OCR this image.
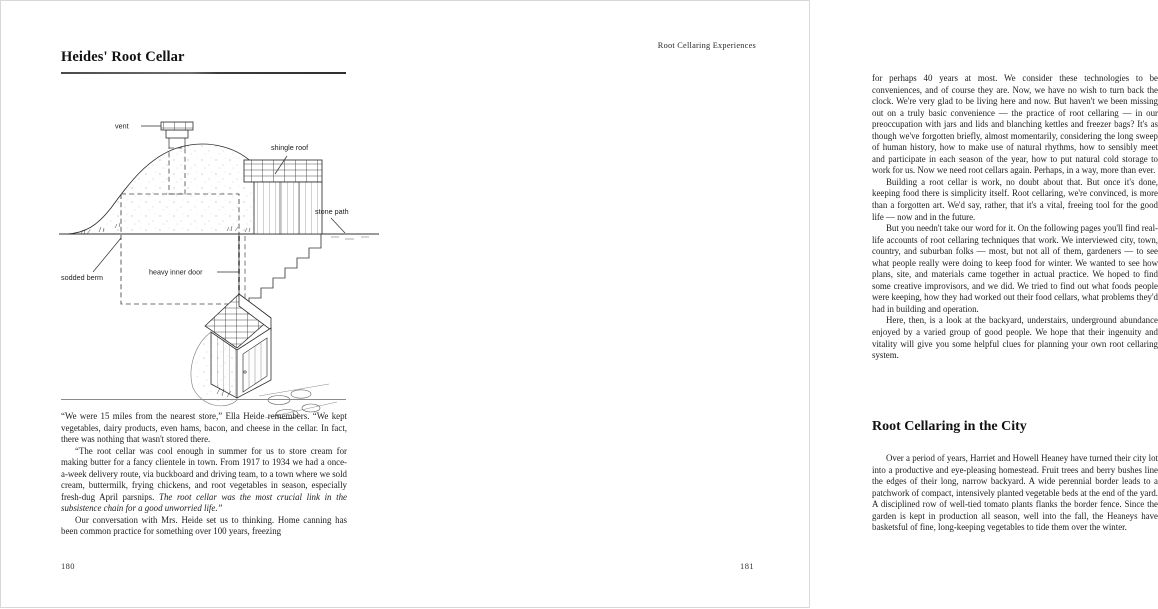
Heides' Root Cellar
vent
shingle roof
stone path
sodded berm
heavy inner door

“We were 15 miles from the nearest store,” Ella Heide remembers. “We kept vegetables, dairy products, even hams, bacon, and cheese in the cellar. In fact, there was nothing that wasn't stored there.

“The root cellar was cool enough in summer for us to store cream for making butter for a fancy clientele in town. From 1917 to 1934 we had a once-a-week delivery route, via buckboard and driving team, to a town where we sold cream, buttermilk, frying chickens, and root vegetables in season, especially fresh-dug April parsnips. The root cellar was the most crucial link in the subsistence chain for a good unworried life.”

Our conversation with Mrs. Heide set us to thinking. Home canning has been common practice for something over 100 years, freezing

180
Root Cellaring Experiences

for perhaps 40 years at most. We consider these technologies to be conveniences, and of course they are. Now, we have no wish to turn back the clock. We're very glad to be living here and now. But haven't we been missing out on a truly basic convenience — the practice of root cellaring — in our preoccupation with jars and lids and blanching kettles and freezer bags? It's as though we've forgotten briefly, almost momentarily, considering the long sweep of human history, how to make use of natural rhythms, how to sensibly meet and participate in each season of the year, how to put natural cold storage to work for us. Now we need root cellars again. Perhaps, in a way, more than ever.

Building a root cellar is work, no doubt about that. But once it's done, keeping food there is simplicity itself. Root cellaring, we're convinced, is more than a forgotten art. We'd say, rather, that it's a vital, freeing tool for the good life — now and in the future.

But you needn't take our word for it. On the following pages you'll find real-life accounts of root cellaring techniques that work. We interviewed city, town, country, and suburban folks — most, but not all of them, gardeners — to see what people really were doing to keep food for winter. We wanted to see how plans, site, and materials came together in actual practice. We hoped to find some creative improvisors, and we did. We tried to find out what foods people were keeping, how they had worked out their food cellars, what problems they'd had in building and operation.

Here, then, is a look at the backyard, understairs, underground abundance enjoyed by a varied group of good people. We hope that their ingenuity and vitality will give you some helpful clues for planning your own root cellaring system.

Root Cellaring in the City

Over a period of years, Harriet and Howell Heaney have turned their city lot into a productive and eye-pleasing homestead. Fruit trees and berry bushes line the edges of their long, narrow backyard. A wide perennial border leads to a patchwork of compact, intensively planted vegetable beds at the end of the yard. A disciplined row of well-tied tomato plants flanks the border fence. Since the garden is kept in production all season, well into the fall, the Heaneys have basketsful of fine, long-keeping vegetables to tide them over the winter.

181
